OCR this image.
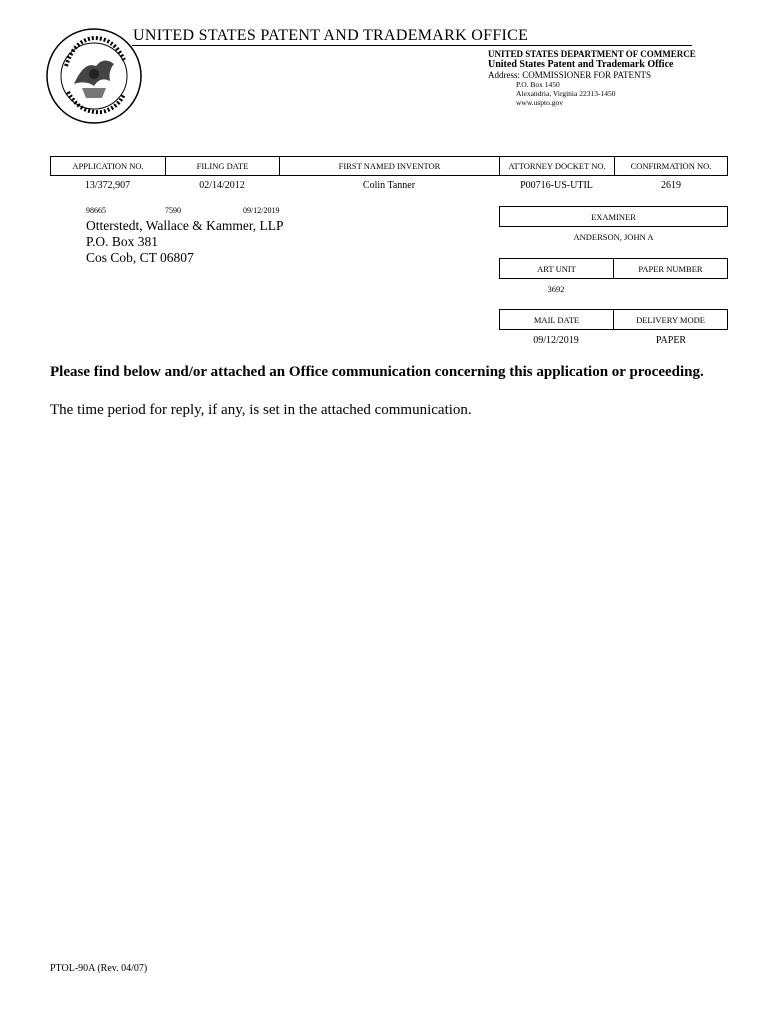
UNITED STATES PATENT AND TRADEMARK OFFICE
UNITED STATES DEPARTMENT OF COMMERCE
United States Patent and Trademark Office
Address: COMMISSIONER FOR PATENTS
P.O. Box 1450
Alexandria, Virginia 22313-1450
www.uspto.gov
APPLICATION NO.	FILING DATE	FIRST NAMED INVENTOR	ATTORNEY DOCKET NO.	CONFIRMATION NO.
13/372,907	02/14/2012	Colin Tanner	P00716-US-UTIL	2619
98665	7590	09/12/2019
Otterstedt, Wallace & Kammer, LLP
P.O. Box 381
Cos Cob, CT 06807
EXAMINER
ANDERSON, JOHN A
ART UNIT	PAPER NUMBER
3692
MAIL DATE	DELIVERY MODE
09/12/2019	PAPER
Please find below and/or attached an Office communication concerning this application or proceeding.
The time period for reply, if any, is set in the attached communication.
PTOL-90A (Rev. 04/07)
